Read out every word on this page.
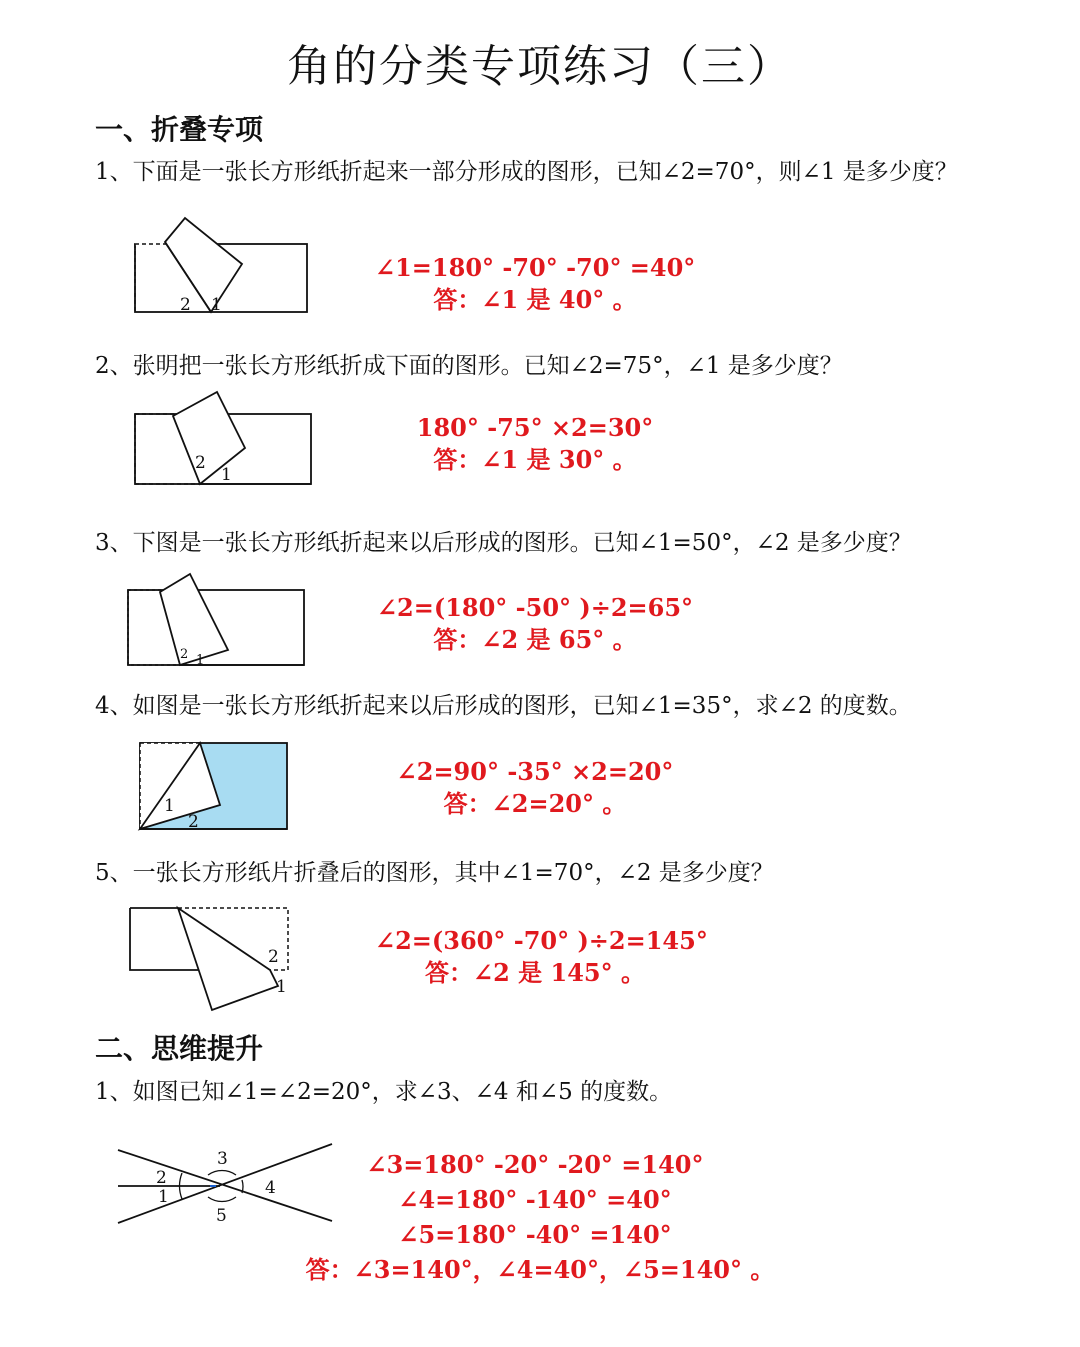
角的分类专项练习（三）
一、折叠专项
1、下面是一张长方形纸折起来一部分形成的图形，已知∠2=70°，则∠1 是多少度？
2 1
∠1=180° -70° -70° =40°
答：∠1 是 40° 。
2、张明把一张长方形纸折成下面的图形。已知∠2=75°，∠1 是多少度？
2
1
180° -75° ×2=30°
答：∠1 是 30° 。
3、下图是一张长方形纸折起来以后形成的图形。已知∠1=50°，∠2 是多少度？
2 1
∠2=(180° -50° )÷2=65°
答：∠2 是 65° 。
4、如图是一张长方形纸折起来以后形成的图形，已知∠1=35°，求∠2 的度数。
1
2
∠2=90° -35° ×2=20°
答：∠2=20° 。
5、一张长方形纸片折叠后的图形，其中∠1=70°，∠2 是多少度？
2
1
∠2=(360° -70° )÷2=145°
答：∠2 是 145° 。
二、思维提升
1、如图已知∠1=∠2=20°，求∠3、∠4 和∠5 的度数。
3
2
1	4
5
∠3=180° -20° -20° =140°
∠4=180° -140° =40°
∠5=180° -40° =140°
答：∠3=140°，∠4=40°，∠5=140° 。
